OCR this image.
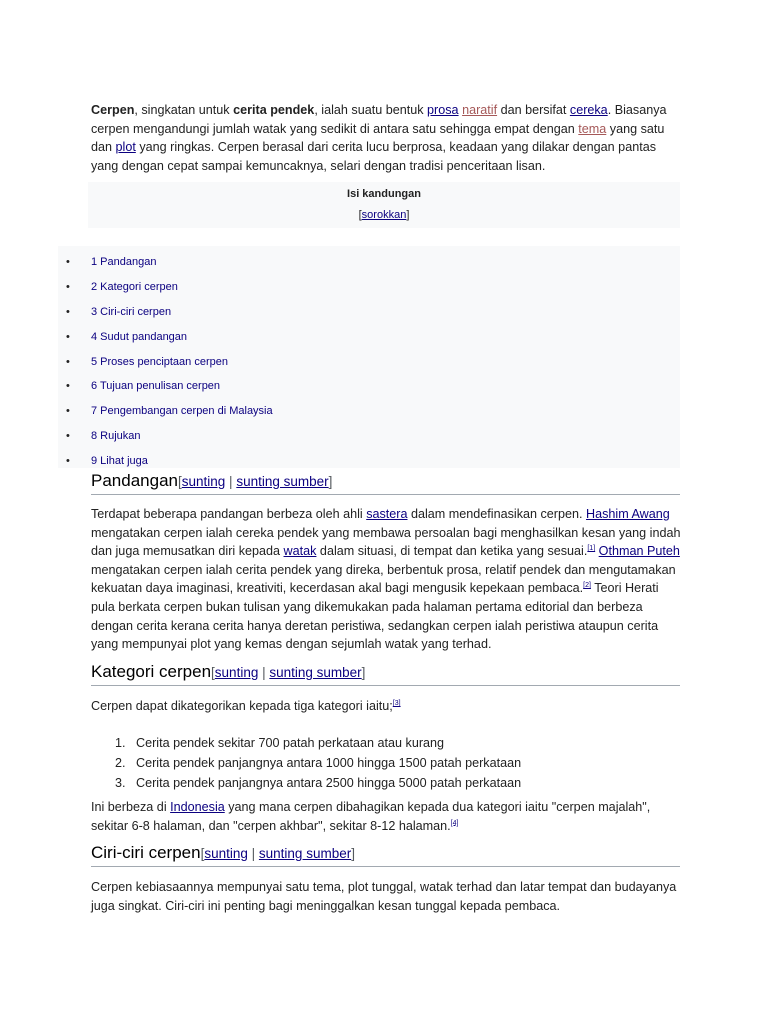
Cerpen, singkatan untuk cerita pendek, ialah suatu bentuk prosa naratif dan bersifat cereka. Biasanya cerpen mengandungi jumlah watak yang sedikit di antara satu sehingga empat dengan tema yang satu dan plot yang ringkas. Cerpen berasal dari cerita lucu berprosa, keadaan yang dilakar dengan pantas yang dengan cepat sampai kemuncaknya, selari dengan tradisi penceritaan lisan.

Isi kandungan
[sorokkan]
• 1 Pandangan
• 2 Kategori cerpen
• 3 Ciri-ciri cerpen
• 4 Sudut pandangan
• 5 Proses penciptaan cerpen
• 6 Tujuan penulisan cerpen
• 7 Pengembangan cerpen di Malaysia
• 8 Rujukan
• 9 Lihat juga
Pandangan[sunting | sunting sumber]

Terdapat beberapa pandangan berbeza oleh ahli sastera dalam mendefinasikan cerpen. Hashim Awang mengatakan cerpen ialah cereka pendek yang membawa persoalan bagi menghasilkan kesan yang indah dan juga memusatkan diri kepada watak dalam situasi, di tempat dan ketika yang sesuai.[1] Othman Puteh mengatakan cerpen ialah cerita pendek yang direka, berbentuk prosa, relatif pendek dan mengutamakan kekuatan daya imaginasi, kreativiti, kecerdasan akal bagi mengusik kepekaan pembaca.[2] Teori Herati pula berkata cerpen bukan tulisan yang dikemukakan pada halaman pertama editorial dan berbeza dengan cerita kerana cerita hanya deretan peristiwa, sedangkan cerpen ialah peristiwa ataupun cerita yang mempunyai plot yang kemas dengan sejumlah watak yang terhad.

Kategori cerpen[sunting | sunting sumber]

Cerpen dapat dikategorikan kepada tiga kategori iaitu;[3]

1. Cerita pendek sekitar 700 patah perkataan atau kurang
2. Cerita pendek panjangnya antara 1000 hingga 1500 patah perkataan
3. Cerita pendek panjangnya antara 2500 hingga 5000 patah perkataan

Ini berbeza di Indonesia yang mana cerpen dibahagikan kepada dua kategori iaitu "cerpen majalah", sekitar 6-8 halaman, dan "cerpen akhbar", sekitar 8-12 halaman.[4]

Ciri-ciri cerpen[sunting | sunting sumber]

Cerpen kebiasaannya mempunyai satu tema, plot tunggal, watak terhad dan latar tempat dan budayanya juga singkat. Ciri-ciri ini penting bagi meninggalkan kesan tunggal kepada pembaca.
